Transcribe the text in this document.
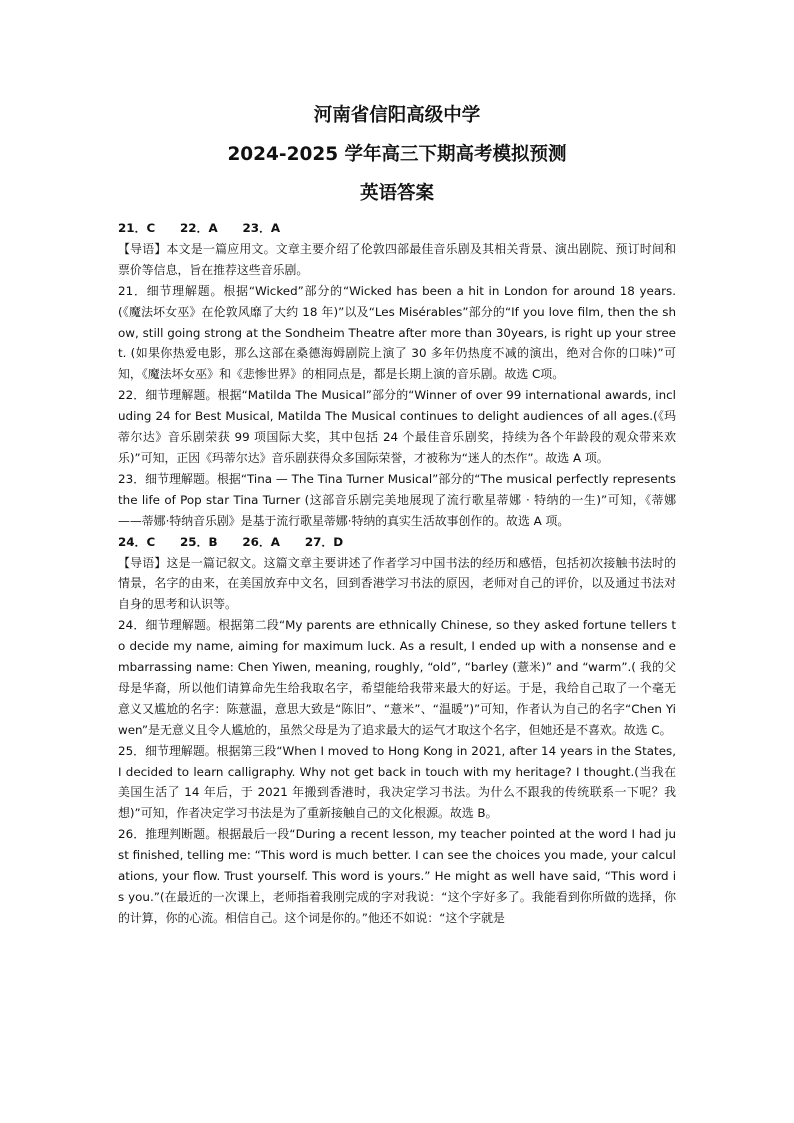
河南省信阳高级中学
2024-2025 学年高三下期高考模拟预测
英语答案

21．C      22．A      23．A

【导语】本文是一篇应用文。文章主要介绍了伦敦四部最佳音乐剧及其相关背景、演出剧院、预订时间和票价等信息，旨在推荐这些音乐剧。

21．细节理解题。根据“Wicked”部分的“Wicked has been a hit in London for around 18 years.(《魔法坏女巫》在伦敦风靡了大约 18 年)”以及“Les Misérables”部分的“If you love film, then the show, still going strong at the Sondheim Theatre after more than 30years, is right up your street. (如果你热爱电影，那么这部在桑德海姆剧院上演了 30 多年仍热度不减的演出，绝对合你的口味)”可知，《魔法坏女巫》和《悲惨世界》的相同点是，都是长期上演的音乐剧。故选 C项。

22．细节理解题。根据“Matilda The Musical”部分的“Winner of over 99 international awards, including 24 for Best Musical, Matilda The Musical continues to delight audiences of all ages.(《玛蒂尔达》音乐剧荣获 99 项国际大奖，其中包括 24 个最佳音乐剧奖，持续为各个年龄段的观众带来欢乐)”可知，正因《玛蒂尔达》音乐剧获得众多国际荣誉，才被称为“迷人的杰作”。故选 A 项。

23．细节理解题。根据“Tina — The Tina Turner Musical”部分的“The musical perfectly represents the life of Pop star Tina Turner (这部音乐剧完美地展现了流行歌星蒂娜 · 特纳的一生)”可知，《蒂娜——蒂娜·特纳音乐剧》是基于流行歌星蒂娜·特纳的真实生活故事创作的。故选 A 项。

24．C      25．B      26．A      27．D

【导语】这是一篇记叙文。这篇文章主要讲述了作者学习中国书法的经历和感悟，包括初次接触书法时的情景，名字的由来，在美国放弃中文名，回到香港学习书法的原因，老师对自己的评价，以及通过书法对自身的思考和认识等。

24．细节理解题。根据第二段“My parents are ethnically Chinese, so they asked fortune tellers to decide my name, aiming for maximum luck. As a result, I ended up with a nonsense and embarrassing name: Chen Yiwen, meaning, roughly, “old”, “barley (薏米)” and “warm”.( 我的父母是华裔，所以他们请算命先生给我取名字，希望能给我带来最大的好运。于是，我给自己取了一个毫无意义又尴尬的名字：陈薏温，意思大致是“陈旧”、“薏米”、“温暖”)”可知，作者认为自己的名字“Chen Yi wen”是无意义且令人尴尬的，虽然父母是为了追求最大的运气才取这个名字，但她还是不喜欢。故选 C。

25．细节理解题。根据第三段“When I moved to Hong Kong in 2021, after 14 years in the States, I decided to learn calligraphy. Why not get back in touch with my heritage? I thought.(当我在美国生活了 14 年后，于 2021 年搬到香港时，我决定学习书法。为什么不跟我的传统联系一下呢？我想)”可知，作者决定学习书法是为了重新接触自己的文化根源。故选 B。

26．推理判断题。根据最后一段“During a recent lesson, my teacher pointed at the word I had just finished, telling me: “This word is much better. I can see the choices you made, your calculations, your flow. Trust yourself. This word is yours.” He might as well have said, “This word is you.”(在最近的一次课上，老师指着我刚完成的字对我说：“这个字好多了。我能看到你所做的选择，你的计算，你的心流。相信自己。这个词是你的。”他还不如说：“这个字就是
